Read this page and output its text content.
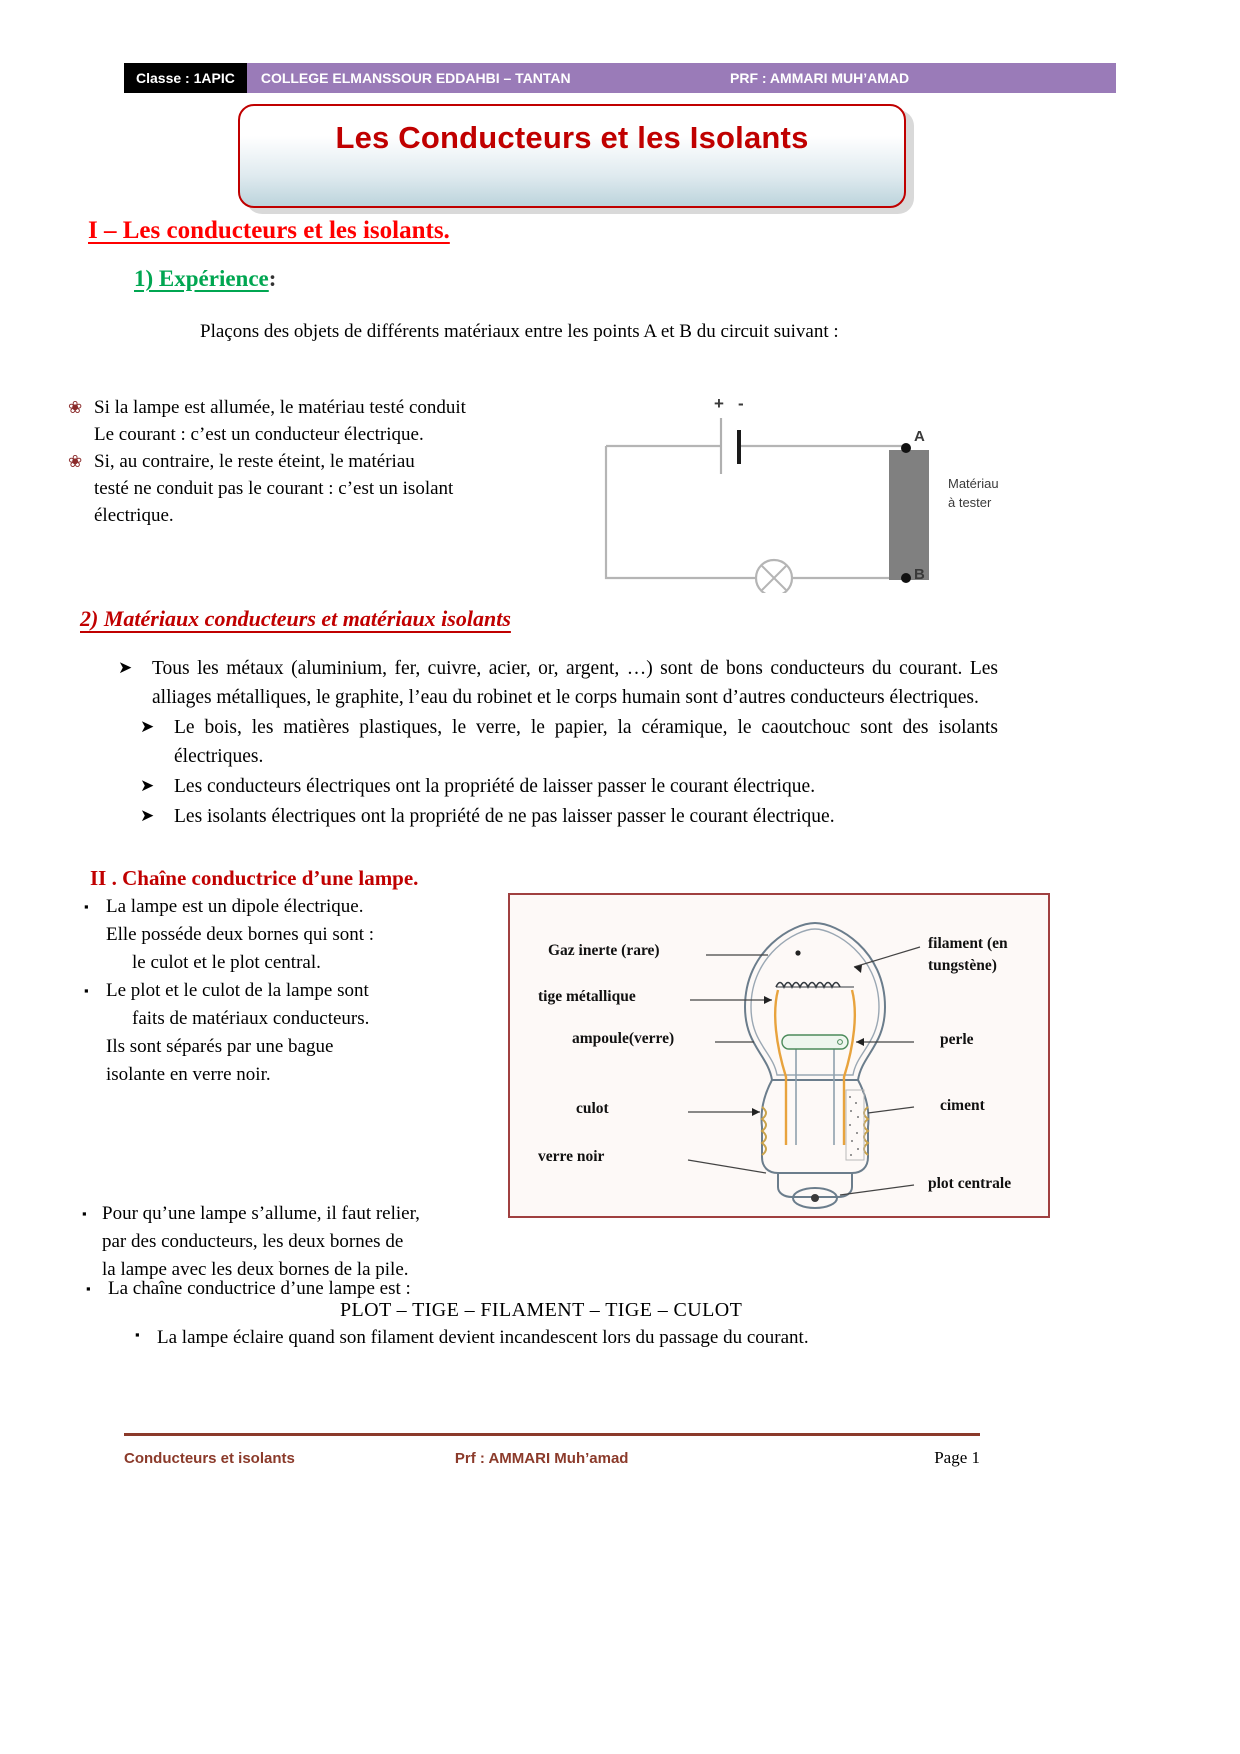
Classe : 1APIC	COLLEGE ELMANSSOUR EDDAHBI – TANTAN	PRF : AMMARI MUH’AMAD
Les Conducteurs et les Isolants
I – Les conducteurs et les isolants.
1) Expérience:
Plaçons des objets de différents matériaux entre les points A et B du circuit suivant :
❀ Si la lampe est allumée, le matériau testé conduit
Le courant : c’est un conducteur électrique.
❀ Si, au contraire, le reste éteint, le matériau
testé ne conduit pas le courant : c’est un isolant
électrique.
A
B
+ -
Matériau
à tester
2) Matériaux conducteurs et matériaux isolants
➤ Tous les métaux (aluminium, fer, cuivre, acier, or, argent, …) sont de bons conducteurs du courant. Les alliages métalliques, le graphite, l’eau du robinet et le corps humain sont d’autres conducteurs électriques.
➤ Le bois, les matières plastiques, le verre, le papier, la céramique, le caoutchouc sont des isolants électriques.
➤ Les conducteurs électriques ont la propriété de laisser passer le courant électrique.
➤ Les isolants électriques ont la propriété de ne pas laisser passer le courant électrique.
II . Chaîne conductrice d’une lampe.
▪ La lampe est un dipole électrique.
Elle posséde deux bornes qui sont :
le culot et le plot central.
▪ Le plot et le culot de la lampe sont
faits de matériaux conducteurs.
Ils sont séparés par une bague
isolante en verre noir.
▪ Pour qu’une lampe s’allume, il faut relier,
par des conducteurs, les deux bornes de
la lampe avec les deux bornes de la pile.
▪ La chaîne conductrice d’une lampe est :
PLOT – TIGE – FILAMENT – TIGE – CULOT
▪ La lampe éclaire quand son filament devient incandescent lors du passage du courant.
Gaz inerte (rare)
tige métallique
ampoule(verre)
culot
verre noir
filament (en
tungstène)
perle
ciment
plot centrale
Conducteurs et isolants	Prf : AMMARI Muh’amad	Page 1
